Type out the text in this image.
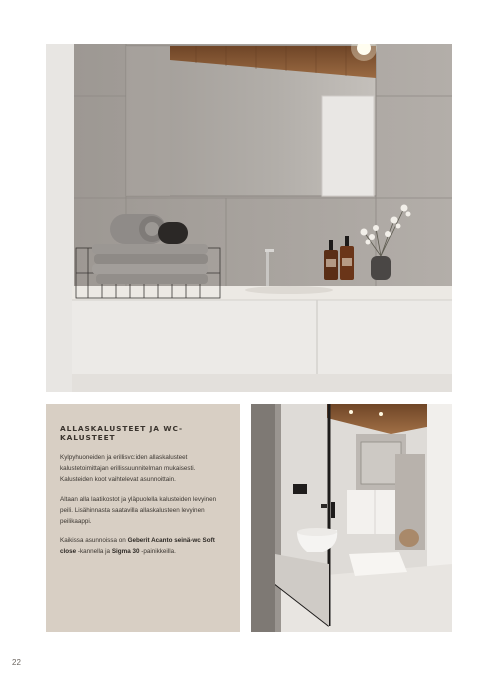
ALLASKALUSTEET JA WC-KALUSTEET

Kylpyhuoneiden ja erillisvc:iden allaskalusteet kalustetoimittajan erillissuunnitelman mukaisesti. Kalusteiden koot vaihtelevat asunnoittain.

Altaan alla laatikostot ja yläpuolella kalusteiden levyinen peili. Lisähinnasta saatavilla allaskalusteen levyinen peilikaappi.

Kaikissa asunnoissa on Geberit Acanto seinä-wc Soft close -kannella ja Sigma 30 -painikkeilla.

22
